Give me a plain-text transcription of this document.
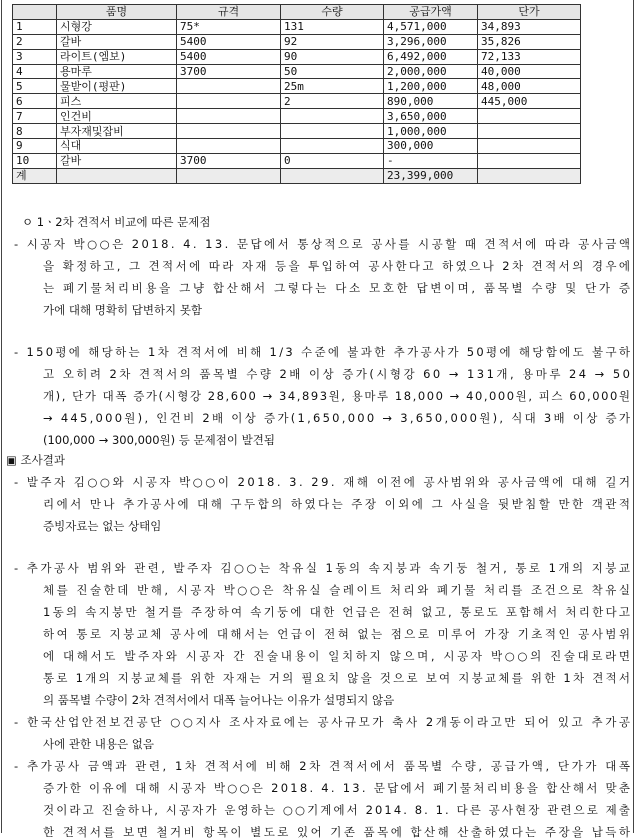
	품명	규격	수량	공급가액	단가
1	시형강	75*	131	4,571,000	34,893
2	갈바	5400	92	3,296,000	35,826
3	라이트(엠보)	5400	90	6,492,000	72,133
4	용마루	3700	50	2,000,000	40,000
5	물받이(평판)		25m	1,200,000	48,000
6	피스		2	890,000	445,000
7	인건비			3,650,000	
8	부자재및잡비			1,000,000	
9	식대			300,000	
10	갈바	3700	0	-	
계				23,399,000	
ㅇ 1ㆍ2차 견적서 비교에 따른 문제점
- 시공자 박○○은 2018. 4. 13. 문답에서 통상적으로 공사를 시공할 때 견적서에 따라 공사금액
을 확정하고, 그 견적서에 따라 자재 등을 투입하여 공사한다고 하였으나 2차 견적서의 경우에
는 폐기물처리비용을 그냥 합산해서 그렇다는 다소 모호한 답변이며, 품목별 수량 및 단가 증
가에 대해 명확히 답변하지 못함
- 150평에 해당하는 1차 견적서에 비해 1/3 수준에 불과한 추가공사가 50평에 해당함에도 불구하
고 오히려 2차 견적서의 품목별 수량 2배 이상 증가(시형강 60 → 131개, 용마루 24 → 50
개), 단가 대폭 증가(시형강 28,600 → 34,893원, 용마루 18,000 → 40,000원, 피스 60,000원
→ 445,000원), 인건비 2배 이상 증가(1,650,000 → 3,650,000원), 식대 3배 이상 증가
(100,000 → 300,000원) 등 문제점이 발견됨
▣ 조사결과
- 발주자 김○○와 시공자 박○○이 2018. 3. 29. 재해 이전에 공사범위와 공사금액에 대해 길거
리에서 만나 추가공사에 대해 구두합의 하였다는 주장 이외에 그 사실을 뒷받침할 만한 객관적
증빙자료는 없는 상태임
- 추가공사 범위와 관련, 발주자 김○○는 착유실 1동의 속지붕과 속기둥 철거, 통로 1개의 지붕교
체를 진술한데 반해, 시공자 박○○은 착유실 슬레이트 처리와 폐기물 처리를 조건으로 착유실
1동의 속지붕만 철거를 주장하여 속기둥에 대한 언급은 전혀 없고, 통로도 포함해서 처리한다고
하여 통로 지붕교체 공사에 대해서는 언급이 전혀 없는 점으로 미루어 가장 기초적인 공사범위
에 대해서도 발주자와 시공자 간 진술내용이 일치하지 않으며, 시공자 박○○의 진술대로라면
통로 1개의 지붕교체를 위한 자재는 거의 필요치 않을 것으로 보여 지붕교체를 위한 1차 견적서
의 품목별 수량이 2차 견적서에서 대폭 늘어나는 이유가 설명되지 않음
- 한국산업안전보건공단 ○○지사 조사자료에는 공사규모가 축사 2개동이라고만 되어 있고 추가공
사에 관한 내용은 없음
- 추가공사 금액과 관련, 1차 견적서에 비해 2차 견적서에서 품목별 수량, 공급가액, 단가가 대폭
증가한 이유에 대해 시공자 박○○은 2018. 4. 13. 문답에서 폐기물처리비용을 합산해서 맞춘
것이라고 진술하나, 시공자가 운영하는 ○○기계에서 2014. 8. 1. 다른 공사현장 관련으로 제출
한 견적서를 보면 철거비 항목이 별도로 있어 기존 품목에 합산해 산출하였다는 주장을 납득하
